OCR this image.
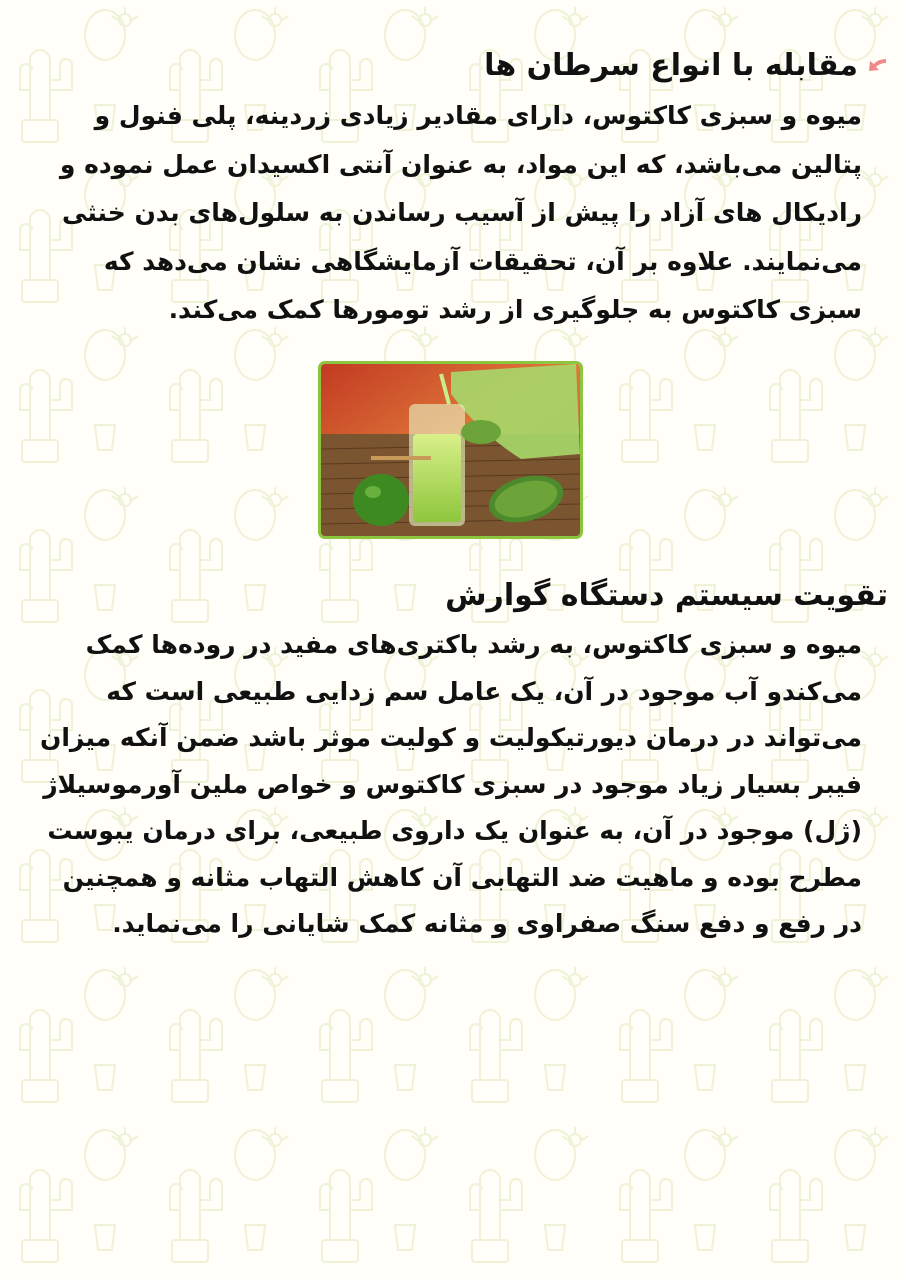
مقابله با انواع سرطان ها

میوه و سبزی کاکتوس، دارای مقادیر زیادی زردینه، پلی فنول و پتالین می‌باشد، که این مواد، به عنوان آنتی اکسیدان عمل نموده و رادیکال های آزاد را پیش از آسیب رساندن به سلول‌های بدن خنثی می‌نمایند. علاوه بر آن، تحقیقات آزمایشگاهی نشان می‌دهد که سبزی کاکتوس به جلوگیری از رشد تومورها کمک می‌کند.

تقویت سیستم دستگاه گوارش

میوه و سبزی کاکتوس، به رشد باکتری‌های مفید در روده‌ها کمک می‌کندو آب موجود در آن، یک عامل سم زدایی طبیعی است که می‌تواند در درمان دیورتیکولیت و کولیت موثر باشد ضمن آنکه میزان فیبر بسیار زیاد موجود در سبزی کاکتوس و خواص ملین آورموسیلاژ (ژل) موجود در آن، به عنوان یک داروی طبیعی، برای درمان یبوست مطرح بوده و ماهیت ضد التهابی آن کاهش التهاب مثانه و همچنین در رفع و دفع سنگ صفراوی و مثانه کمک شایانی را می‌نماید.
